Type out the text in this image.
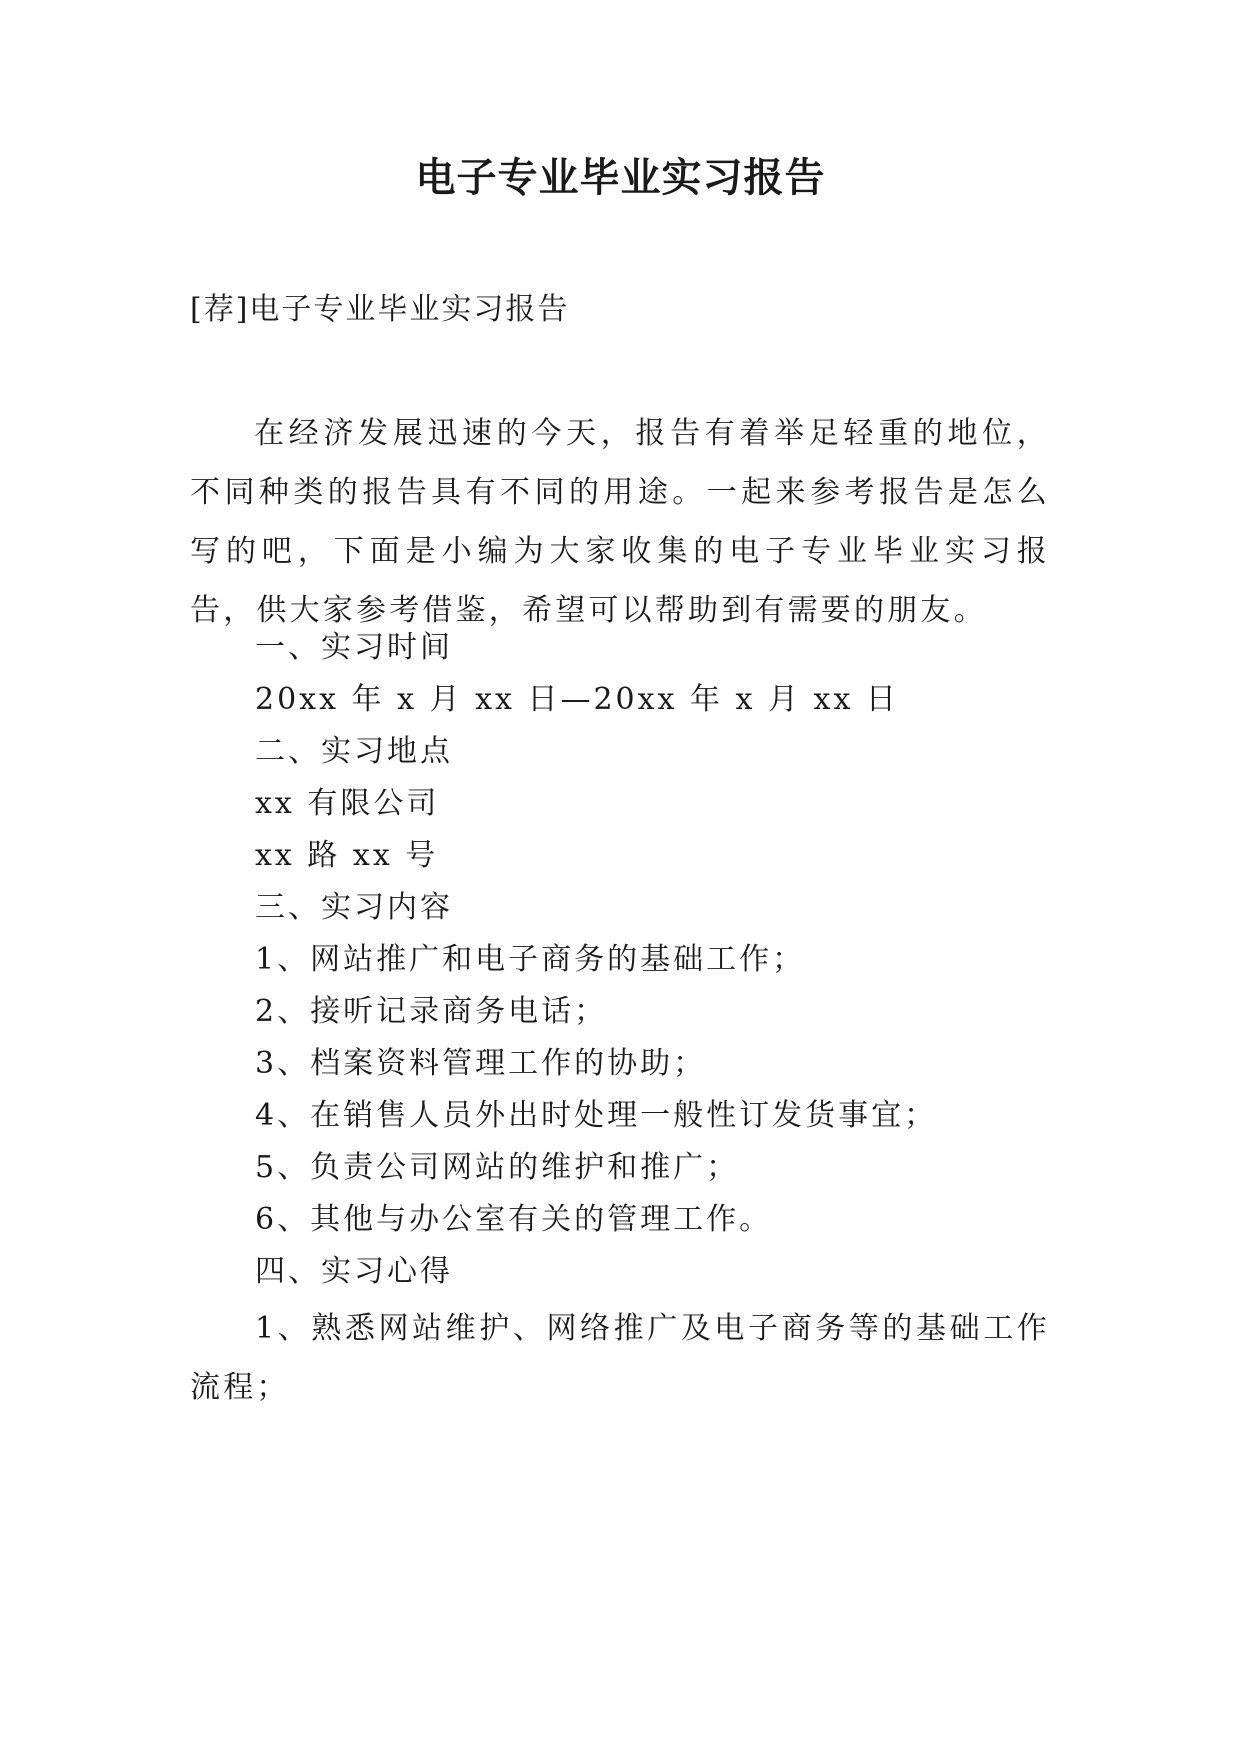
电子专业毕业实习报告

[荐]电子专业毕业实习报告

在经济发展迅速的今天，报告有着举足轻重的地位，不同种类的报告具有不同的用途。一起来参考报告是怎么写的吧，下面是小编为大家收集的电子专业毕业实习报告，供大家参考借鉴，希望可以帮助到有需要的朋友。

一、实习时间

20xx 年 x 月 xx 日—20xx 年 x 月 xx 日

二、实习地点

xx 有限公司

xx 路 xx 号

三、实习内容

1、网站推广和电子商务的基础工作；

2、接听记录商务电话；

3、档案资料管理工作的协助；

4、在销售人员外出时处理一般性订发货事宜；

5、负责公司网站的维护和推广；

6、其他与办公室有关的管理工作。

四、实习心得

1、熟悉网站维护、网络推广及电子商务等的基础工作流程；
